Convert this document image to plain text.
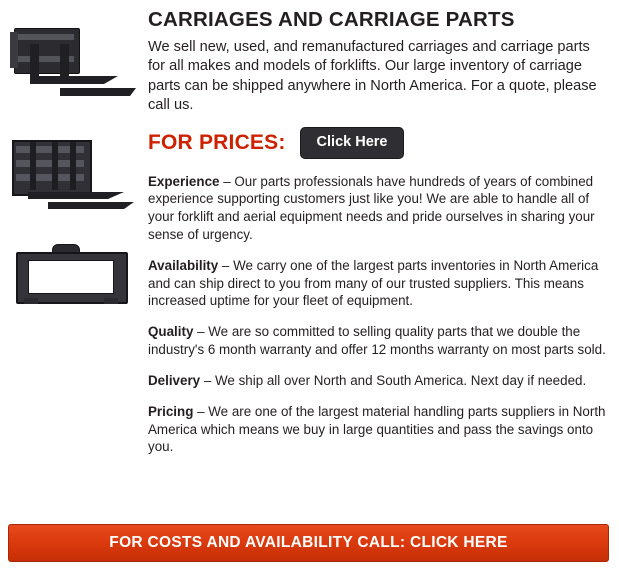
CARRIAGES AND CARRIAGE PARTS

We sell new, used, and remanufactured carriages and carriage parts for all makes and models of forklifts. Our large inventory of carriage parts can be shipped anywhere in North America. For a quote, please call us.

FOR PRICES:	Click Here

Experience – Our parts professionals have hundreds of years of combined experience supporting customers just like you! We are able to handle all of your forklift and aerial equipment needs and pride ourselves in sharing your sense of urgency.

Availability – We carry one of the largest parts inventories in North America and can ship direct to you from many of our trusted suppliers. This means increased uptime for your fleet of equipment.

Quality – We are so committed to selling quality parts that we double the industry's 6 month warranty and offer 12 months warranty on most parts sold.

Delivery – We ship all over North and South America. Next day if needed.

Pricing – We are one of the largest material handling parts suppliers in North America which means we buy in large quantities and pass the savings onto you.

FOR COSTS AND AVAILABILITY CALL: CLICK HERE
